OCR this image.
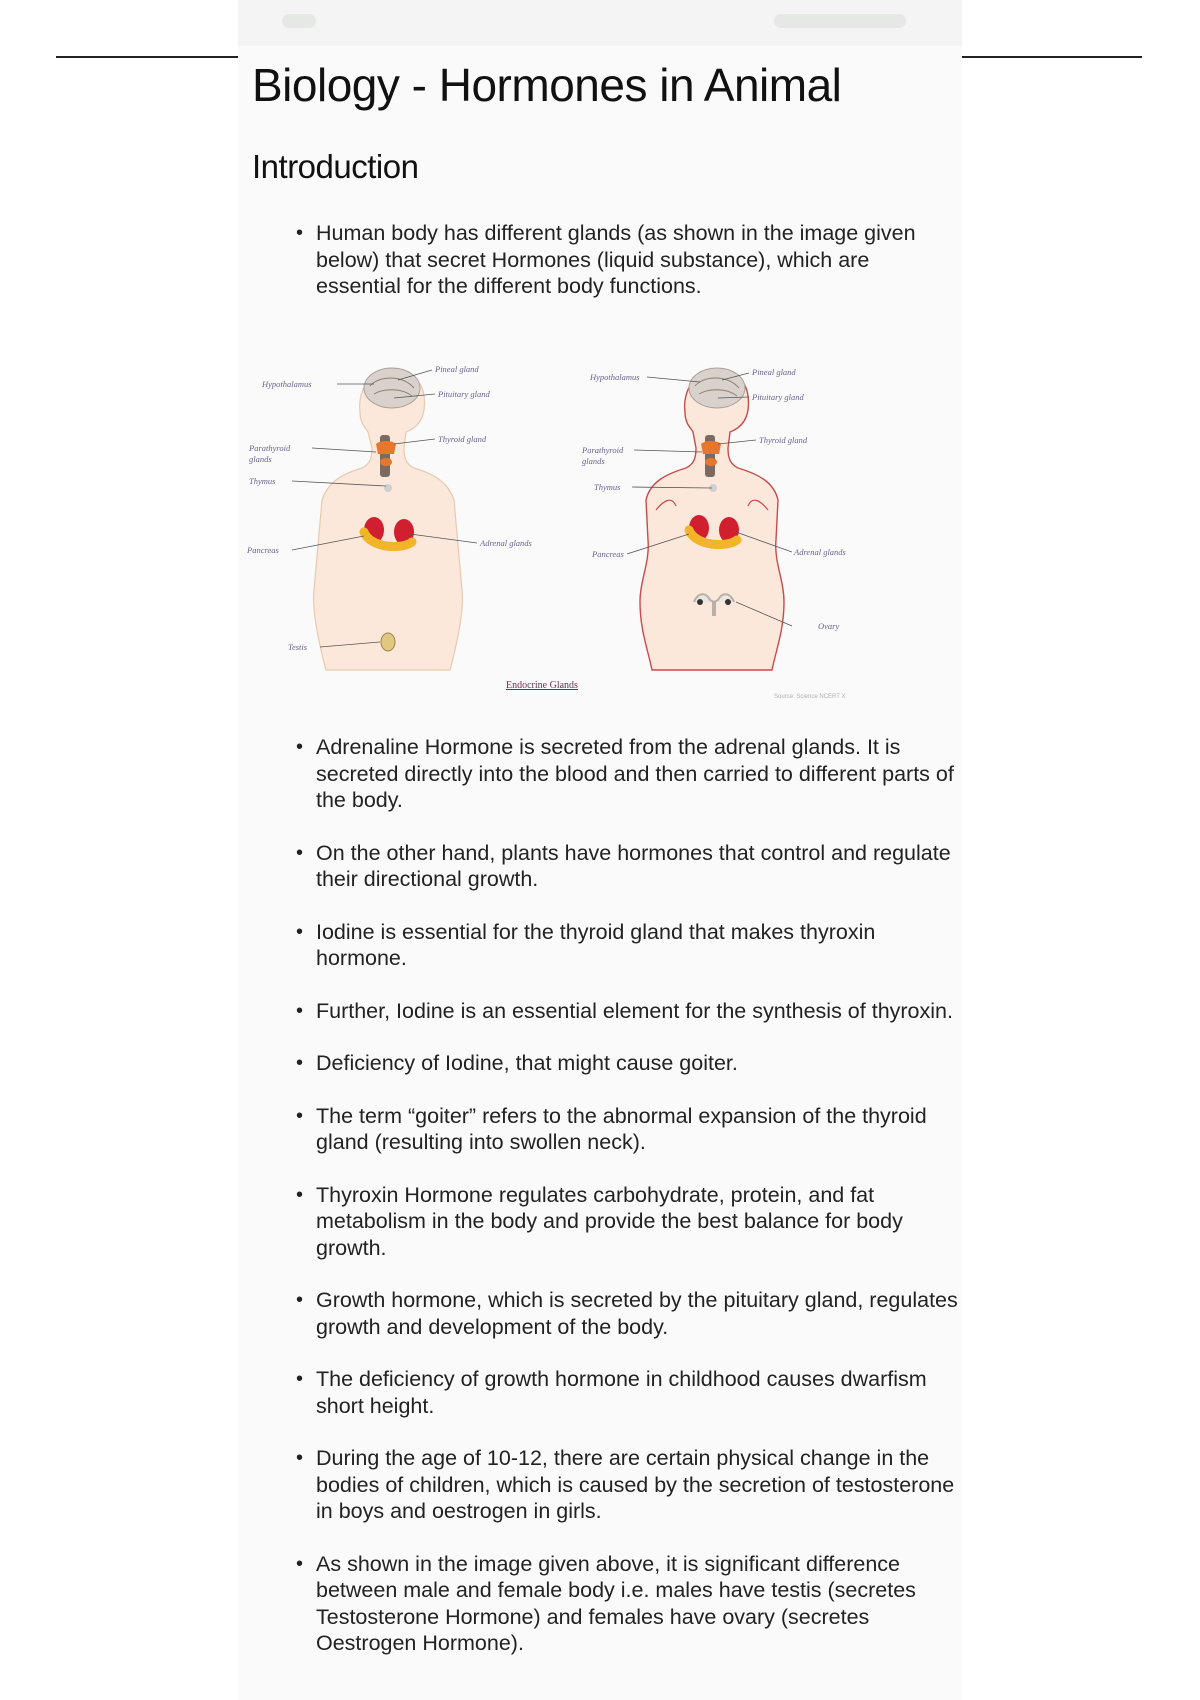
Biology - Hormones in Animal
Introduction
• Human body has different glands (as shown in the image given below) that secret Hormones (liquid substance), which are essential for the different body functions.
Hypothalamus
Pineal gland
Pituitary gland
Thyroid gland
Parathyroid
glands
Thymus
Pancreas
Adrenal glands
Testis
Hypothalamus	Pineal gland
Pituitary gland
Thyroid gland
Parathyroid
glands
Thymus
Pancreas	Adrenal glands
Ovary
Endocrine Glands
Source: Science NCERT X
• Adrenaline Hormone is secreted from the adrenal glands. It is secreted directly into the blood and then carried to different parts of the body.
• On the other hand, plants have hormones that control and regulate their directional growth.
• Iodine is essential for the thyroid gland that makes thyroxin hormone.
• Further, Iodine is an essential element for the synthesis of thyroxin.
• Deficiency of Iodine, that might cause goiter.
• The term “goiter” refers to the abnormal expansion of the thyroid gland (resulting into swollen neck).
• Thyroxin Hormone regulates carbohydrate, protein, and fat metabolism in the body and provide the best balance for body growth.
• Growth hormone, which is secreted by the pituitary gland, regulates growth and development of the body.
• The deficiency of growth hormone in childhood causes dwarfism short height.
• During the age of 10-12, there are certain physical change in the bodies of children, which is caused by the secretion of testosterone in boys and oestrogen in girls.
• As shown in the image given above, it is significant difference between male and female body i.e. males have testis (secretes Testosterone Hormone) and females have ovary (secretes Oestrogen Hormone).
